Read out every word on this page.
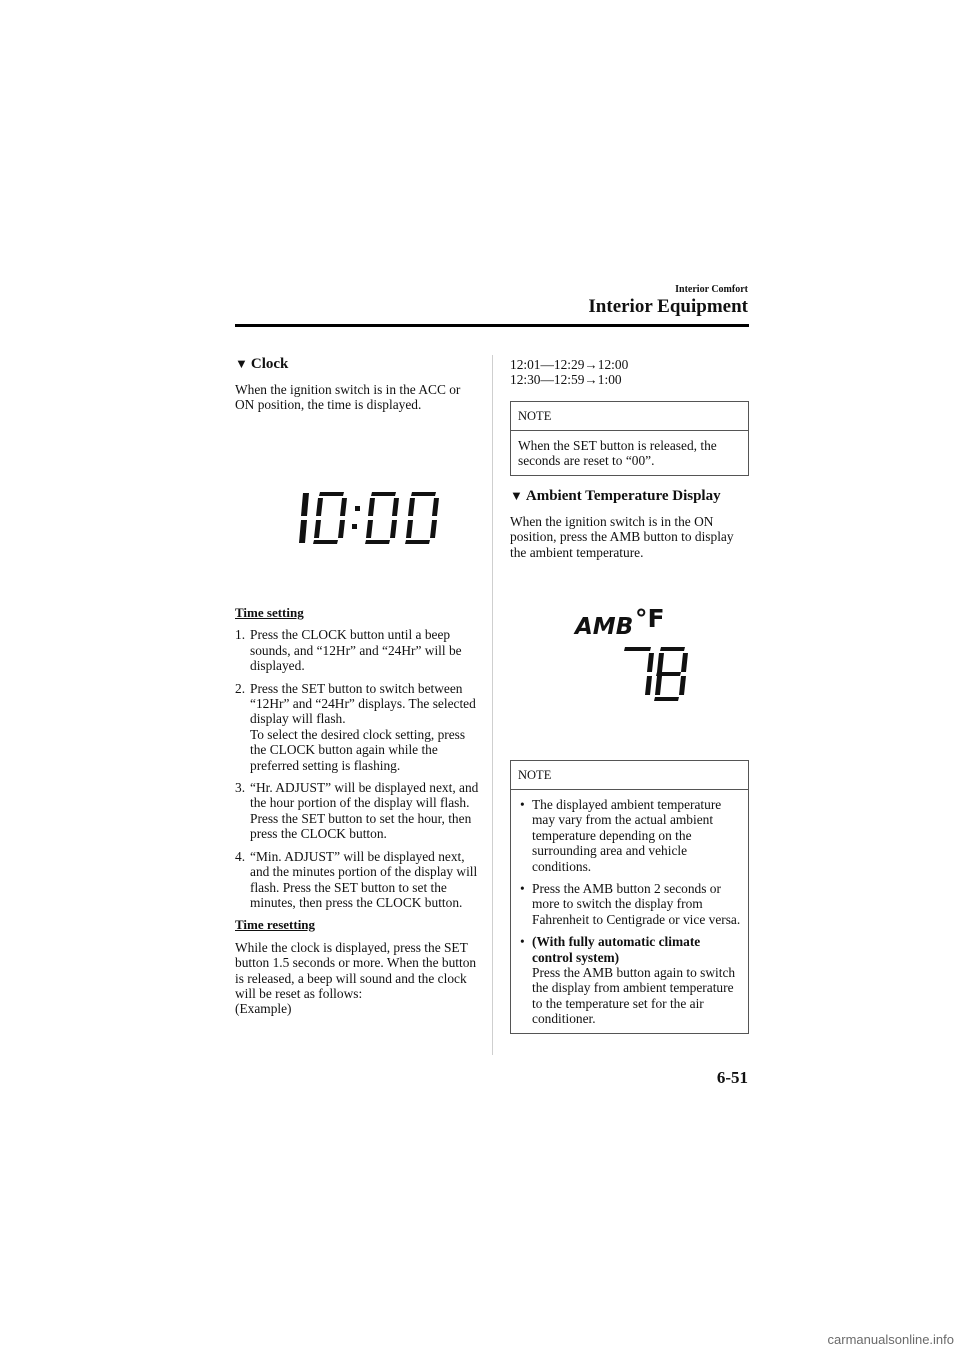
Interior Comfort
Interior Equipment
▼ Clock

When the ignition switch is in the ACC or ON position, the time is displayed.

Time setting

1. Press the CLOCK button until a beep sounds, and “12Hr” and “24Hr” will be displayed.
2. Press the SET button to switch between “12Hr” and “24Hr” displays. The selected display will flash.
To select the desired clock setting, press the CLOCK button again while the preferred setting is flashing.
3. “Hr. ADJUST” will be displayed next, and the hour portion of the display will flash. Press the SET button to set the hour, then press the CLOCK button.
4. “Min. ADJUST” will be displayed next, and the minutes portion of the display will flash. Press the SET button to set the minutes, then press the CLOCK button.

Time resetting

While the clock is displayed, press the SET button 1.5 seconds or more. When the button is released, a beep will sound and the clock will be reset as follows:

(Example)

12:01―12:29→12:00

12:30―12:59→1:00

NOTE
When the SET button is released, the seconds are reset to “00”.
▼ Ambient Temperature Display

When the ignition switch is in the ON position, press the AMB button to display the ambient temperature.

AMB °F
NOTE
• The displayed ambient temperature may vary from the actual ambient temperature depending on the surrounding area and vehicle conditions.
• Press the AMB button 2 seconds or more to switch the display from Fahrenheit to Centigrade or vice versa.
• (With fully automatic climate control system)
Press the AMB button again to switch the display from ambient temperature to the temperature set for the air conditioner.
6-51
carmanualsonline.info
